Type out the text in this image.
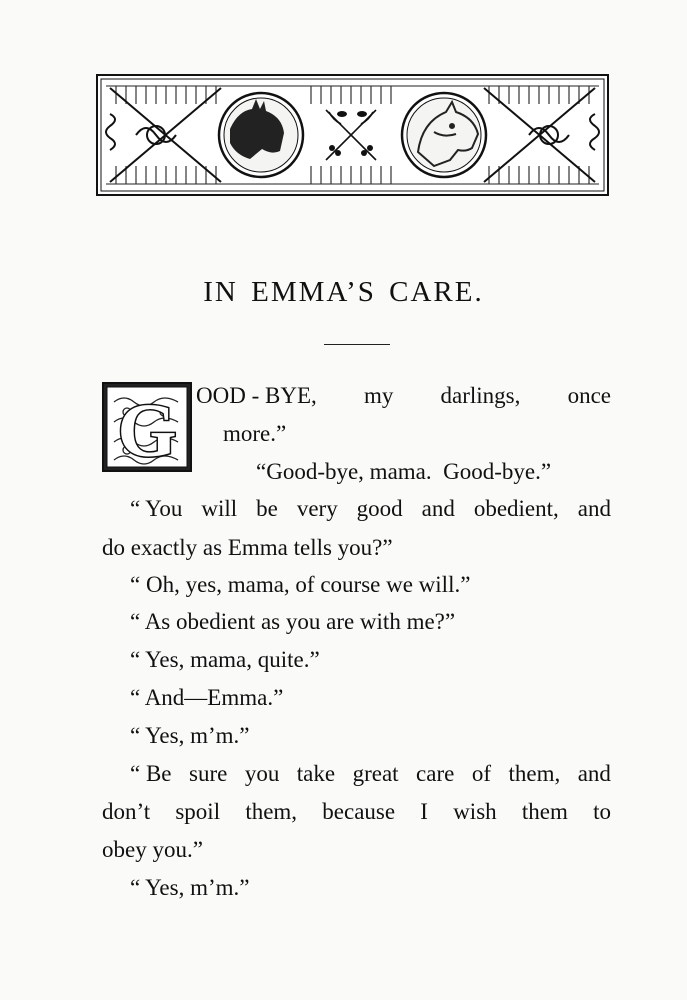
IN EMMA’S CARE.
G OOD - BYE, my darlings, once
more.”
“Good-bye, mama.  Good-bye.”
“ You will be very good and obedient, and
do exactly as Emma tells you?”
“ Oh, yes, mama, of course we will.”
“ As obedient as you are with me?”
“ Yes, mama, quite.”
“ And—Emma.”
“ Yes, m’m.”
“ Be sure you take great care of them, and
don’t spoil them, because I wish them to
obey you.”
“ Yes, m’m.”
